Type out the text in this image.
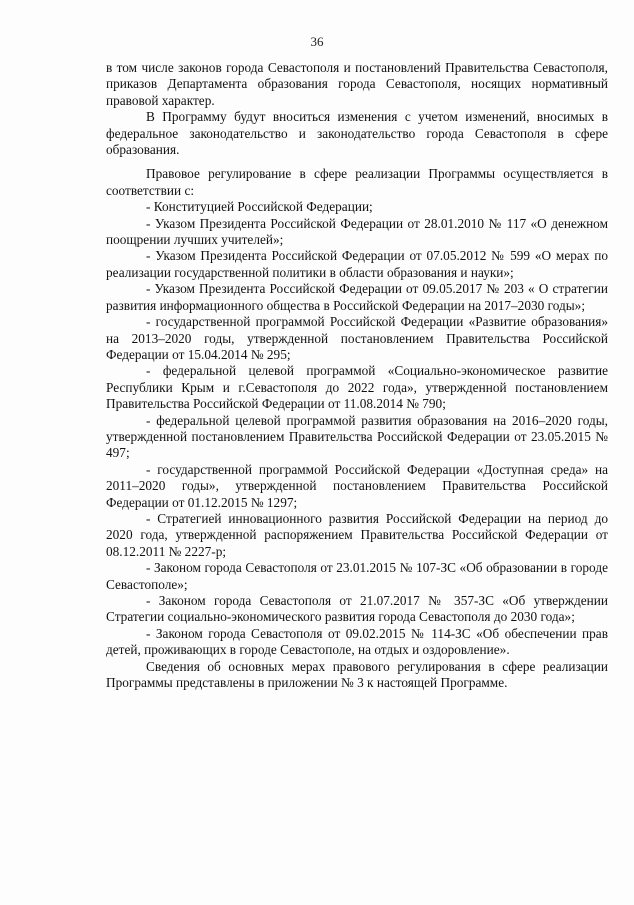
36

в том числе законов города Севастополя и постановлений Правительства Севастополя, приказов Департамента образования города Севастополя, носящих нормативный правовой характер.

В Программу будут вноситься изменения с учетом изменений, вносимых в федеральное законодательство и законодательство города Севастополя в сфере образования.

Правовое регулирование в сфере реализации Программы осуществляется в соответствии с:

- Конституцией Российской Федерации;

- Указом Президента Российской Федерации от 28.01.2010 № 117 «О денежном поощрении лучших учителей»;

- Указом Президента Российской Федерации от 07.05.2012 № 599 «О мерах по реализации государственной политики в области образования и науки»;

- Указом Президента Российской Федерации от 09.05.2017 № 203 « О стратегии развития информационного общества в Российской Федерации на 2017–2030 годы»;

- государственной программой Российской Федерации «Развитие образования» на 2013–2020 годы, утвержденной постановлением Правительства Российской Федерации от 15.04.2014 № 295;

- федеральной целевой программой «Социально-экономическое развитие Республики Крым и г.Севастополя до 2022 года», утвержденной постановлением Правительства Российской Федерации от 11.08.2014 № 790;

- федеральной целевой программой развития образования на 2016–2020 годы, утвержденной постановлением Правительства Российской Федерации от 23.05.2015 № 497;

- государственной программой Российской Федерации «Доступная среда» на 2011–2020 годы», утвержденной постановлением Правительства Российской Федерации от 01.12.2015 № 1297;

- Стратегией инновационного развития Российской Федерации на период до 2020 года, утвержденной распоряжением Правительства Российской Федерации от 08.12.2011 № 2227-р;

- Законом города Севастополя от 23.01.2015 № 107-ЗС «Об образовании в городе Севастополе»;

- Законом города Севастополя от 21.07.2017 № 357-ЗС «Об утверждении Стратегии социально-экономического развития города Севастополя до 2030 года»;

- Законом города Севастополя от 09.02.2015 № 114-ЗС «Об обеспечении прав детей, проживающих в городе Севастополе, на отдых и оздоровление».

Сведения об основных мерах правового регулирования в сфере реализации Программы представлены в приложении № 3 к настоящей Программе.
